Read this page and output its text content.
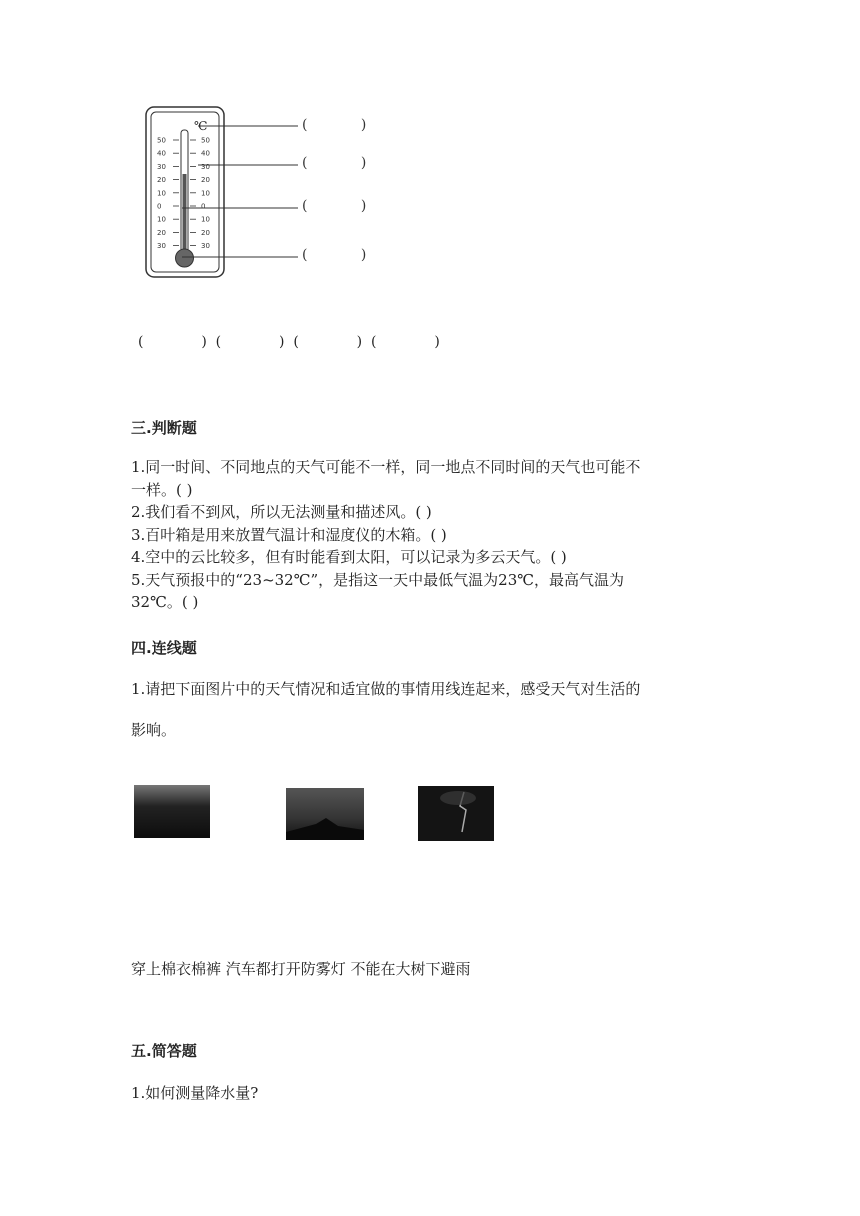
℃
50	50
40	40
30	30
20	20
10	10
0	0
10	10
20	20
30	30
(            )
(            )
(            )
(            )
(             )  (             )  (             )  (             )
三.判断题
1.同一时间、不同地点的天气可能不一样，同一地点不同时间的天气也可能不
一样。( )
2.我们看不到风，所以无法测量和描述风。( )
3.百叶箱是用来放置气温计和湿度仪的木箱。( )
4.空中的云比较多，但有时能看到太阳，可以记录为多云天气。( )
5.天气预报中的“23~32℃”，是指这一天中最低气温为23℃，最高气温为
32℃。( )
四.连线题
1.请把下面图片中的天气情况和适宜做的事情用线连起来，感受天气对生活的
影响。
穿上棉衣棉裤 汽车都打开防雾灯 不能在大树下避雨
五.简答题
1.如何测量降水量?
